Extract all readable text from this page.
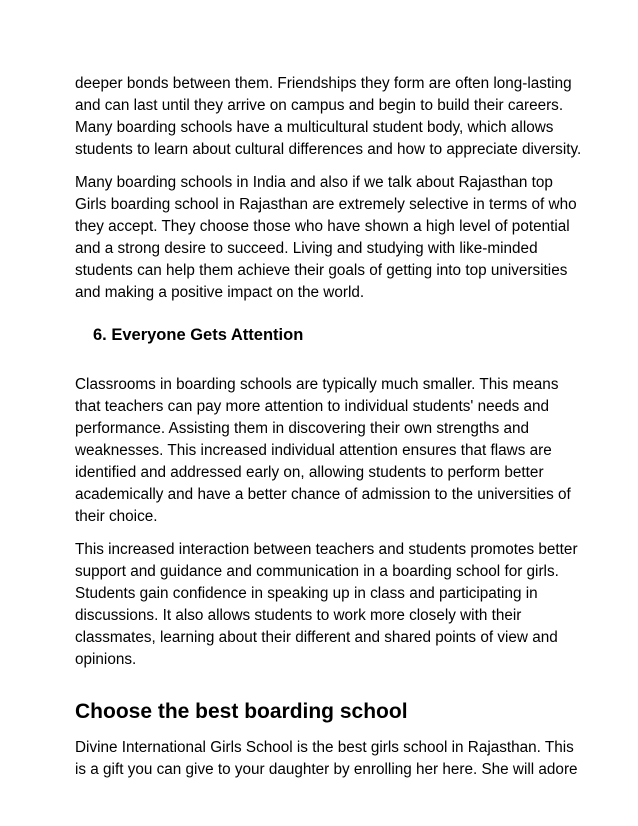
deeper bonds between them. Friendships they form are often long-lasting
and can last until they arrive on campus and begin to build their careers.
Many boarding schools have a multicultural student body, which allows
students to learn about cultural differences and how to appreciate diversity.
Many boarding schools in India and also if we talk about Rajasthan top
Girls boarding school in Rajasthan are extremely selective in terms of who
they accept. They choose those who have shown a high level of potential
and a strong desire to succeed. Living and studying with like-minded
students can help them achieve their goals of getting into top universities
and making a positive impact on the world.
6. Everyone Gets Attention
Classrooms in boarding schools are typically much smaller. This means
that teachers can pay more attention to individual students' needs and
performance. Assisting them in discovering their own strengths and
weaknesses. This increased individual attention ensures that flaws are
identified and addressed early on, allowing students to perform better
academically and have a better chance of admission to the universities of
their choice.
This increased interaction between teachers and students promotes better
support and guidance and communication in a boarding school for girls.
Students gain confidence in speaking up in class and participating in
discussions. It also allows students to work more closely with their
classmates, learning about their different and shared points of view and
opinions.
Choose the best boarding school
Divine International Girls School is the best girls school in Rajasthan. This
is a gift you can give to your daughter by enrolling her here. She will adore
